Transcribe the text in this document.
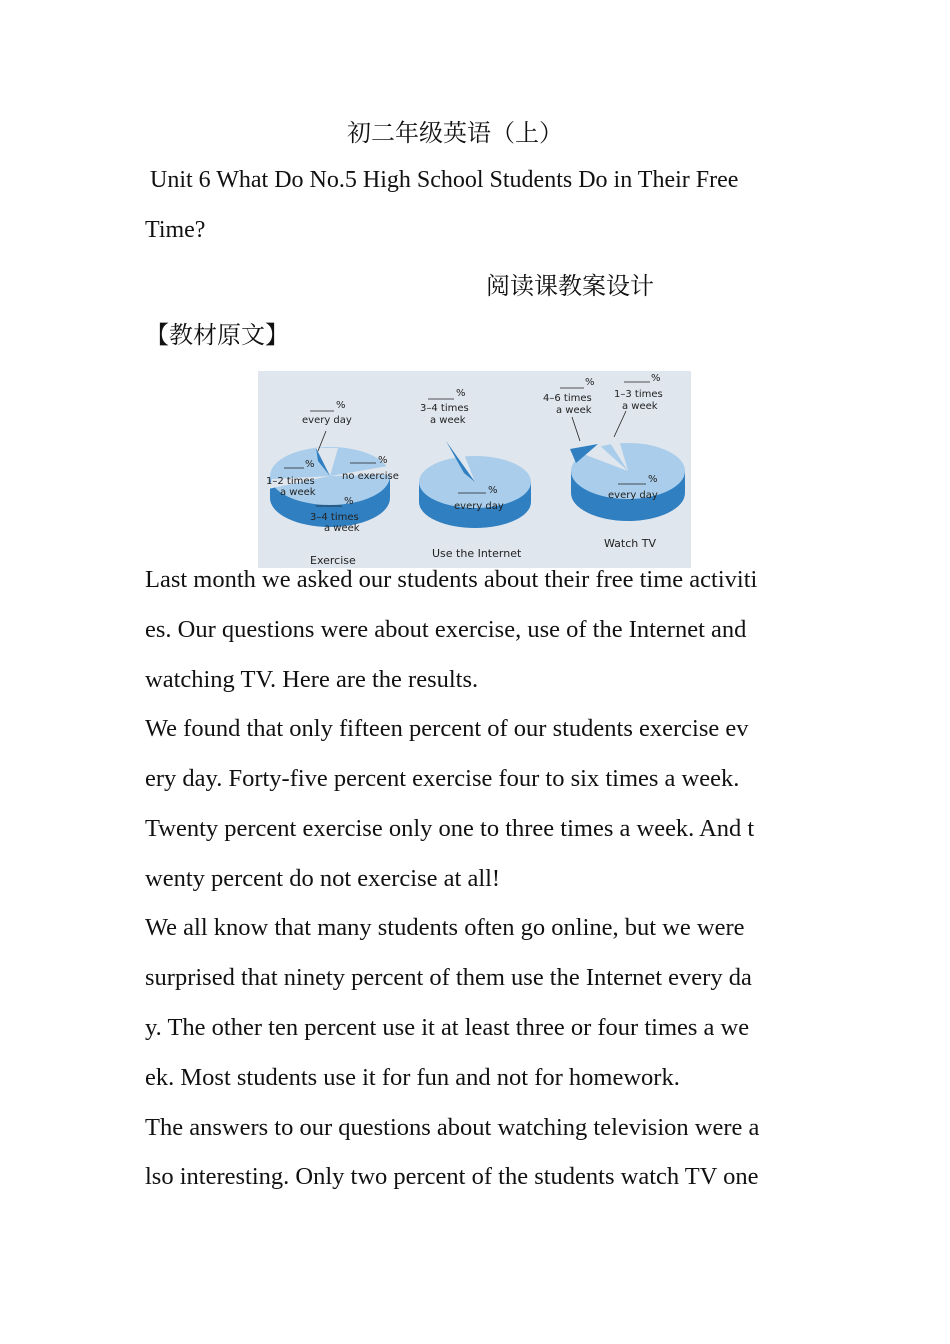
初二年级英语（上）

Unit 6 What Do No.5 High School Students Do in Their Free

Time?

阅读课教案设计

【教材原文】

%
every day
%
no exercise
%
1–2 times
a week
%
3–4 times
a week
Exercise
%
3–4 times
a week
%
every day
Use the Internet
%
4–6 times
a week
%
1–3 times
a week
%
every day
Watch TV

Last month we asked our students about their free time activiti

es. Our questions were about exercise, use of the Internet and

watching TV. Here are the results.

We found that only fifteen percent of our students exercise ev

ery day. Forty-five percent exercise four to six times a week.

Twenty percent exercise only one to three times a week. And t

wenty percent do not exercise at all!

We all know that many students often go online, but we were

surprised that ninety percent of them use the Internet every da

y. The other ten percent use it at least three or four times a we

ek. Most students use it for fun and not for homework.

The answers to our questions about watching television were a

lso interesting. Only two percent of the students watch TV one
